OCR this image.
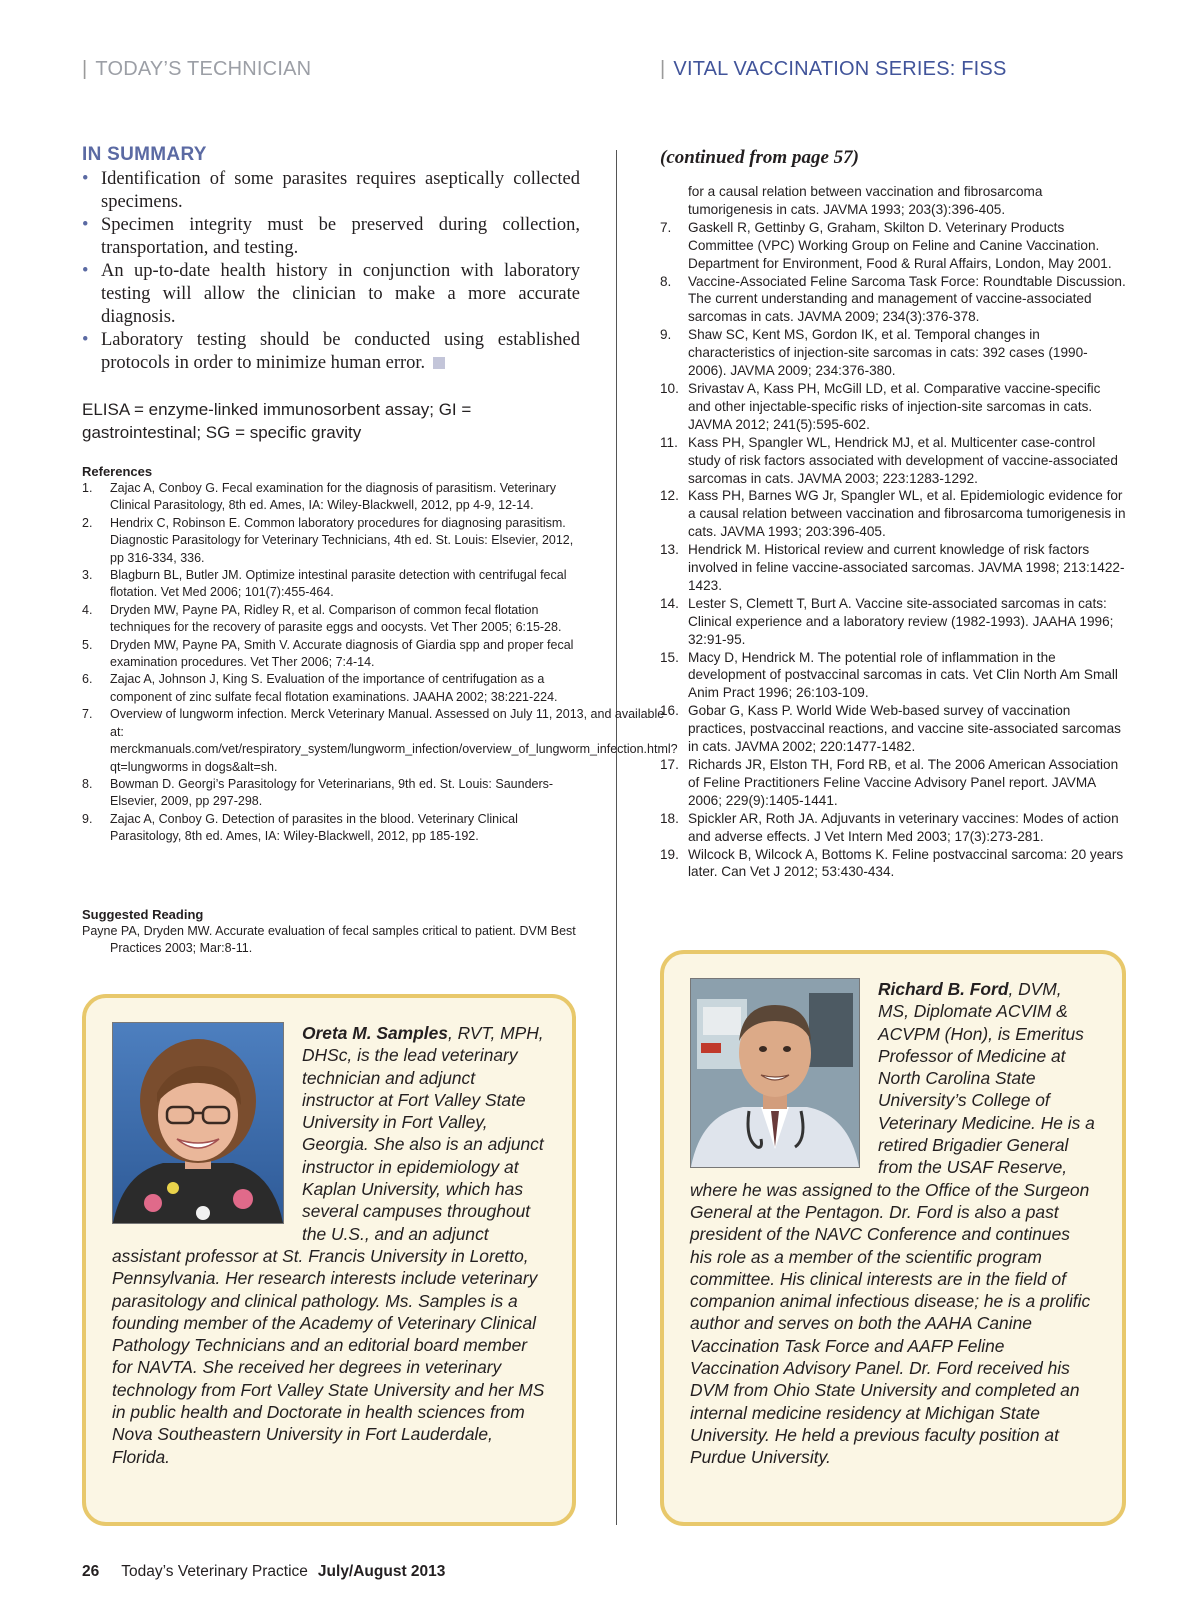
| TODAY’S TECHNICIAN	| VITAL VACCINATION SERIES: FISS
IN SUMMARY
• Identification of some parasites requires aseptically collected specimens.
• Specimen integrity must be preserved during collection, transportation, and testing.
• An up-to-date health history in conjunction with laboratory testing will allow the clinician to make a more accurate diagnosis.
• Laboratory testing should be conducted using established protocols in order to minimize human error.
ELISA = enzyme-linked immunosorbent assay; GI = gastrointestinal; SG = specific gravity
References
1.	Zajac A, Conboy G. Fecal examination for the diagnosis of parasitism. Veterinary Clinical Parasitology, 8th ed. Ames, IA: Wiley-Blackwell, 2012, pp 4-9, 12-14.
2.	Hendrix C, Robinson E. Common laboratory procedures for diagnosing parasitism. Diagnostic Parasitology for Veterinary Technicians, 4th ed. St. Louis: Elsevier, 2012, pp 316-334, 336.
3.	Blagburn BL, Butler JM. Optimize intestinal parasite detection with centrifugal fecal flotation. Vet Med 2006; 101(7):455-464.
4.	Dryden MW, Payne PA, Ridley R, et al. Comparison of common fecal flotation techniques for the recovery of parasite eggs and oocysts. Vet Ther 2005; 6:15-28.
5.	Dryden MW, Payne PA, Smith V. Accurate diagnosis of Giardia spp and proper fecal examination procedures. Vet Ther 2006; 7:4-14.
6.	Zajac A, Johnson J, King S. Evaluation of the importance of centrifugation as a component of zinc sulfate fecal flotation examinations. JAAHA 2002; 38:221-224.
7.	Overview of lungworm infection. Merck Veterinary Manual. Assessed on July 11, 2013, and available at: merckmanuals.com/vet/respiratory_system/lungworm_infection/overview_of_lungworm_infection.html?qt=lungworms in dogs&alt=sh.
8.	Bowman D. Georgi’s Parasitology for Veterinarians, 9th ed. St. Louis: Saunders-Elsevier, 2009, pp 297-298.
9.	Zajac A, Conboy G. Detection of parasites in the blood. Veterinary Clinical Parasitology, 8th ed. Ames, IA: Wiley-Blackwell, 2012, pp 185-192.
Suggested Reading
Payne PA, Dryden MW. Accurate evaluation of fecal samples critical to patient. DVM Best Practices 2003; Mar:8-11.
Oreta M. Samples, RVT, MPH, DHSc, is the lead veterinary technician and adjunct instructor at Fort Valley State University in Fort Valley, Georgia. She also is an adjunct instructor in epidemiology at Kaplan University, which has several campuses throughout the U.S., and an adjunct assistant professor at St. Francis University in Loretto, Pennsylvania. Her research interests include veterinary parasitology and clinical pathology. Ms. Samples is a founding member of the Academy of Veterinary Clinical Pathology Technicians and an editorial board member for NAVTA. She received her degrees in veterinary technology from Fort Valley State University and her MS in public health and Doctorate in health sciences from Nova Southeastern University in Fort Lauderdale, Florida.
(continued from page 57)
for a causal relation between vaccination and fibrosarcoma tumorigenesis in cats. JAVMA 1993; 203(3):396-405.
7.	Gaskell R, Gettinby G, Graham, Skilton D. Veterinary Products Committee (VPC) Working Group on Feline and Canine Vaccination. Department for Environment, Food & Rural Affairs, London, May 2001.
8.	Vaccine-Associated Feline Sarcoma Task Force: Roundtable Discussion. The current understanding and management of vaccine-associated sarcomas in cats. JAVMA 2009; 234(3):376-378.
9.	Shaw SC, Kent MS, Gordon IK, et al. Temporal changes in characteristics of injection-site sarcomas in cats: 392 cases (1990-2006). JAVMA 2009; 234:376-380.
10. Srivastav A, Kass PH, McGill LD, et al. Comparative vaccine-specific and other injectable-specific risks of injection-site sarcomas in cats. JAVMA 2012; 241(5):595-602.
11. Kass PH, Spangler WL, Hendrick MJ, et al. Multicenter case-control study of risk factors associated with development of vaccine-associated sarcomas in cats. JAVMA 2003; 223:1283-1292.
12. Kass PH, Barnes WG Jr, Spangler WL, et al. Epidemiologic evidence for a causal relation between vaccination and fibrosarcoma tumorigenesis in cats. JAVMA 1993; 203:396-405.
13. Hendrick M. Historical review and current knowledge of risk factors involved in feline vaccine-associated sarcomas. JAVMA 1998; 213:1422-1423.
14. Lester S, Clemett T, Burt A. Vaccine site-associated sarcomas in cats: Clinical experience and a laboratory review (1982-1993). JAAHA 1996; 32:91-95.
15. Macy D, Hendrick M. The potential role of inflammation in the development of postvaccinal sarcomas in cats. Vet Clin North Am Small Anim Pract 1996; 26:103-109.
16. Gobar G, Kass P. World Wide Web-based survey of vaccination practices, postvaccinal reactions, and vaccine site-associated sarcomas in cats. JAVMA 2002; 220:1477-1482.
17. Richards JR, Elston TH, Ford RB, et al. The 2006 American Association of Feline Practitioners Feline Vaccine Advisory Panel report. JAVMA 2006; 229(9):1405-1441.
18. Spickler AR, Roth JA. Adjuvants in veterinary vaccines: Modes of action and adverse effects. J Vet Intern Med 2003; 17(3):273-281.
19. Wilcock B, Wilcock A, Bottoms K. Feline postvaccinal sarcoma: 20 years later. Can Vet J 2012; 53:430-434.
Richard B. Ford, DVM, MS, Diplomate ACVIM & ACVPM (Hon), is Emeritus Professor of Medicine at North Carolina State University’s College of Veterinary Medicine. He is a retired Brigadier General from the USAF Reserve, where he was assigned to the Office of the Surgeon General at the Pentagon. Dr. Ford is also a past president of the NAVC Conference and continues his role as a member of the scientific program committee. His clinical interests are in the field of companion animal infectious disease; he is a prolific author and serves on both the AAHA Canine Vaccination Task Force and AAFP Feline Vaccination Advisory Panel. Dr. Ford received his DVM from Ohio State University and completed an internal medicine residency at Michigan State University. He held a previous faculty position at Purdue University.
26 Today’s Veterinary Practice July/August 2013
